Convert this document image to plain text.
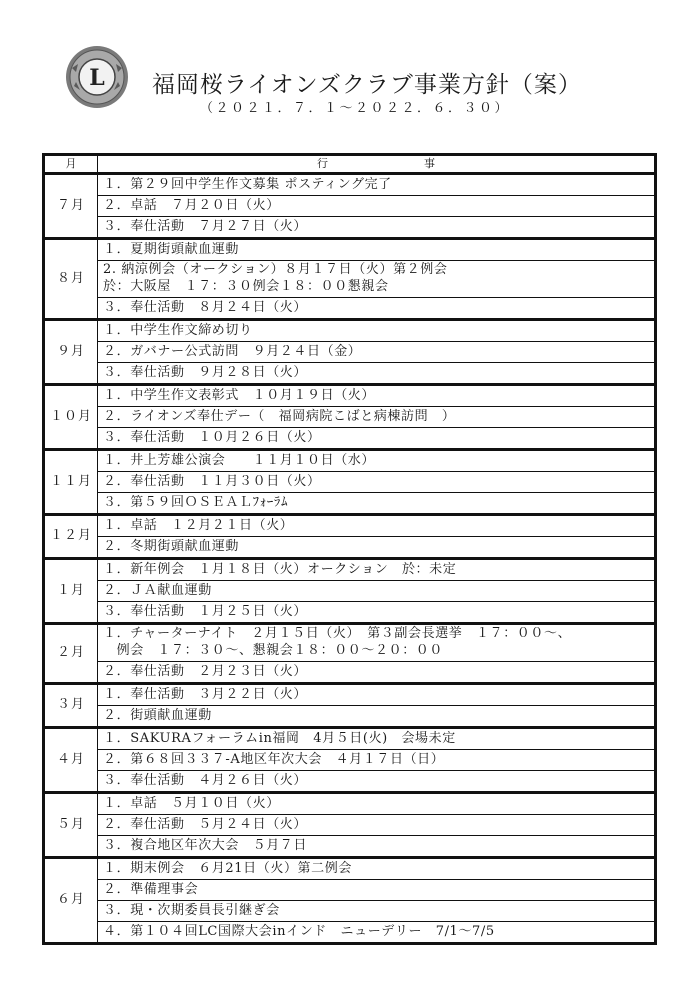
L 福岡桜ライオンズクラブ事業方針（案）
（２０２１．７．１～２０２２．６．３０）
月	行 事

７月	１．第２９回中学生作文募集 ポスティング完了
	２．卓話　７月２０日（火）
	３．奉仕活動　７月２７日（火）
８月	１．夏期街頭献血運動

	2. 納涼例会（オークション）８月１７日（火）第２例会
於：大阪屋　１７：３０例会１８：００懇親会

	３．奉仕活動　８月２４日（火）
９月	１．中学生作文締め切り
	２．ガバナー公式訪問　９月２４日（金）
	３．奉仕活動　９月２８日（火）
１０月	１．中学生作文表彰式　１０月１９日（火）
	２．ライオンズ奉仕デー（　福岡病院こばと病棟訪問　）
	３．奉仕活動　１０月２６日（火）
１１月	１．井上芳雄公演会　　１１月１０日（水）
	２．奉仕活動　１１月３０日（火）
	３．第５９回ＯＳＥＡＬﾌｫｰﾗﾑ
１２月	１．卓話　１２月２１日（火）
	２．冬期街頭献血運動
１月	１．新年例会　１月１８日（火）オークション　於：未定
	２．ＪＡ献血運動
	３．奉仕活動　１月２５日（火）
２月	１．チャーターナイト　２月１５日（火）　第３副会長選挙　１７：００～、
　例会　１７：３０～、懇親会１８：００～２０：００

	２．奉仕活動　２月２３日（火）
３月	１．奉仕活動　３月２２日（火）
	２．街頭献血運動
４月	１．SAKURAフォーラムin福岡　4月５日(火)　会場未定
	２．第６８回３３７-A地区年次大会　４月１７日（日）
	３．奉仕活動　４月２６日（火）
５月	１．卓話　５月１０日（火）
	２．奉仕活動　５月２４日（火）
	３．複合地区年次大会　５月７日
６月	１．期末例会　６月21日（火）第二例会
	２．準備理事会
	３．現・次期委員長引継ぎ会
	４．第１０４回LC国際大会inインド　ニューデリー　7/1～7/5
